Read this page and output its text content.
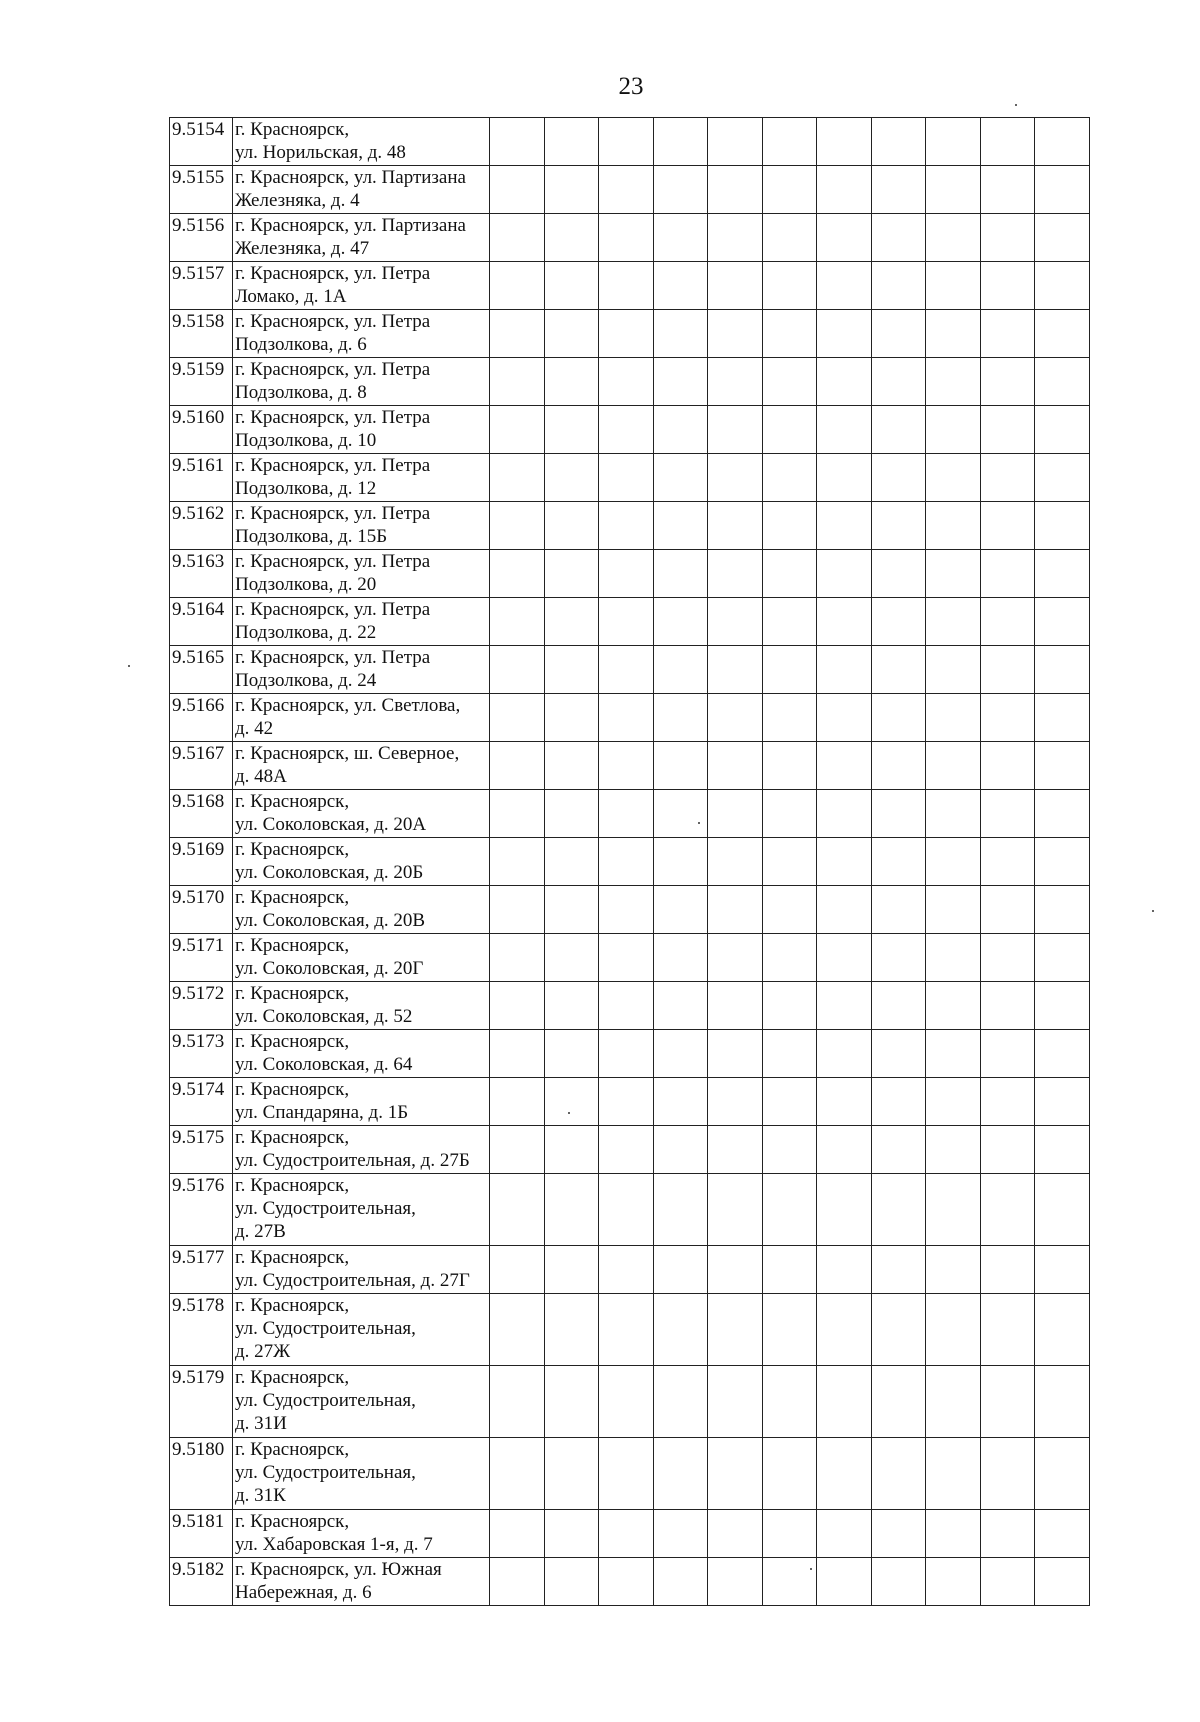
23
9.5154	г. Красноярск,
ул. Норильская, д. 48											
9.5155	г. Красноярск, ул. Партизана
Железняка, д. 4											
9.5156	г. Красноярск, ул. Партизана
Железняка, д. 47											
9.5157	г. Красноярск, ул. Петра
Ломако, д. 1А											
9.5158	г. Красноярск, ул. Петра
Подзолкова, д. 6											
9.5159	г. Красноярск, ул. Петра
Подзолкова, д. 8											
9.5160	г. Красноярск, ул. Петра
Подзолкова, д. 10											
9.5161	г. Красноярск, ул. Петра
Подзолкова, д. 12											
9.5162	г. Красноярск, ул. Петра
Подзолкова, д. 15Б											
9.5163	г. Красноярск, ул. Петра
Подзолкова, д. 20											
9.5164	г. Красноярск, ул. Петра
Подзолкова, д. 22											
9.5165	г. Красноярск, ул. Петра
Подзолкова, д. 24											
9.5166	г. Красноярск, ул. Светлова,
д. 42											
9.5167	г. Красноярск, ш. Северное,
д. 48А											
9.5168	г. Красноярск,
ул. Соколовская, д. 20А											
9.5169	г. Красноярск,
ул. Соколовская, д. 20Б											
9.5170	г. Красноярск,
ул. Соколовская, д. 20В											
9.5171	г. Красноярск,
ул. Соколовская, д. 20Г											
9.5172	г. Красноярск,
ул. Соколовская, д. 52											
9.5173	г. Красноярск,
ул. Соколовская, д. 64											
9.5174	г. Красноярск,
ул. Спандаряна, д. 1Б											
9.5175	г. Красноярск,
ул. Судостроительная, д. 27Б											
9.5176	г. Красноярск,
ул. Судостроительная,
д. 27В											
9.5177	г. Красноярск,
ул. Судостроительная, д. 27Г											
9.5178	г. Красноярск,
ул. Судостроительная,
д. 27Ж											
9.5179	г. Красноярск,
ул. Судостроительная,
д. 31И											
9.5180	г. Красноярск,
ул. Судостроительная,
д. 31К											
9.5181	г. Красноярск,
ул. Хабаровская 1-я, д. 7											
9.5182	г. Красноярск, ул. Южная
Набережная, д. 6											
